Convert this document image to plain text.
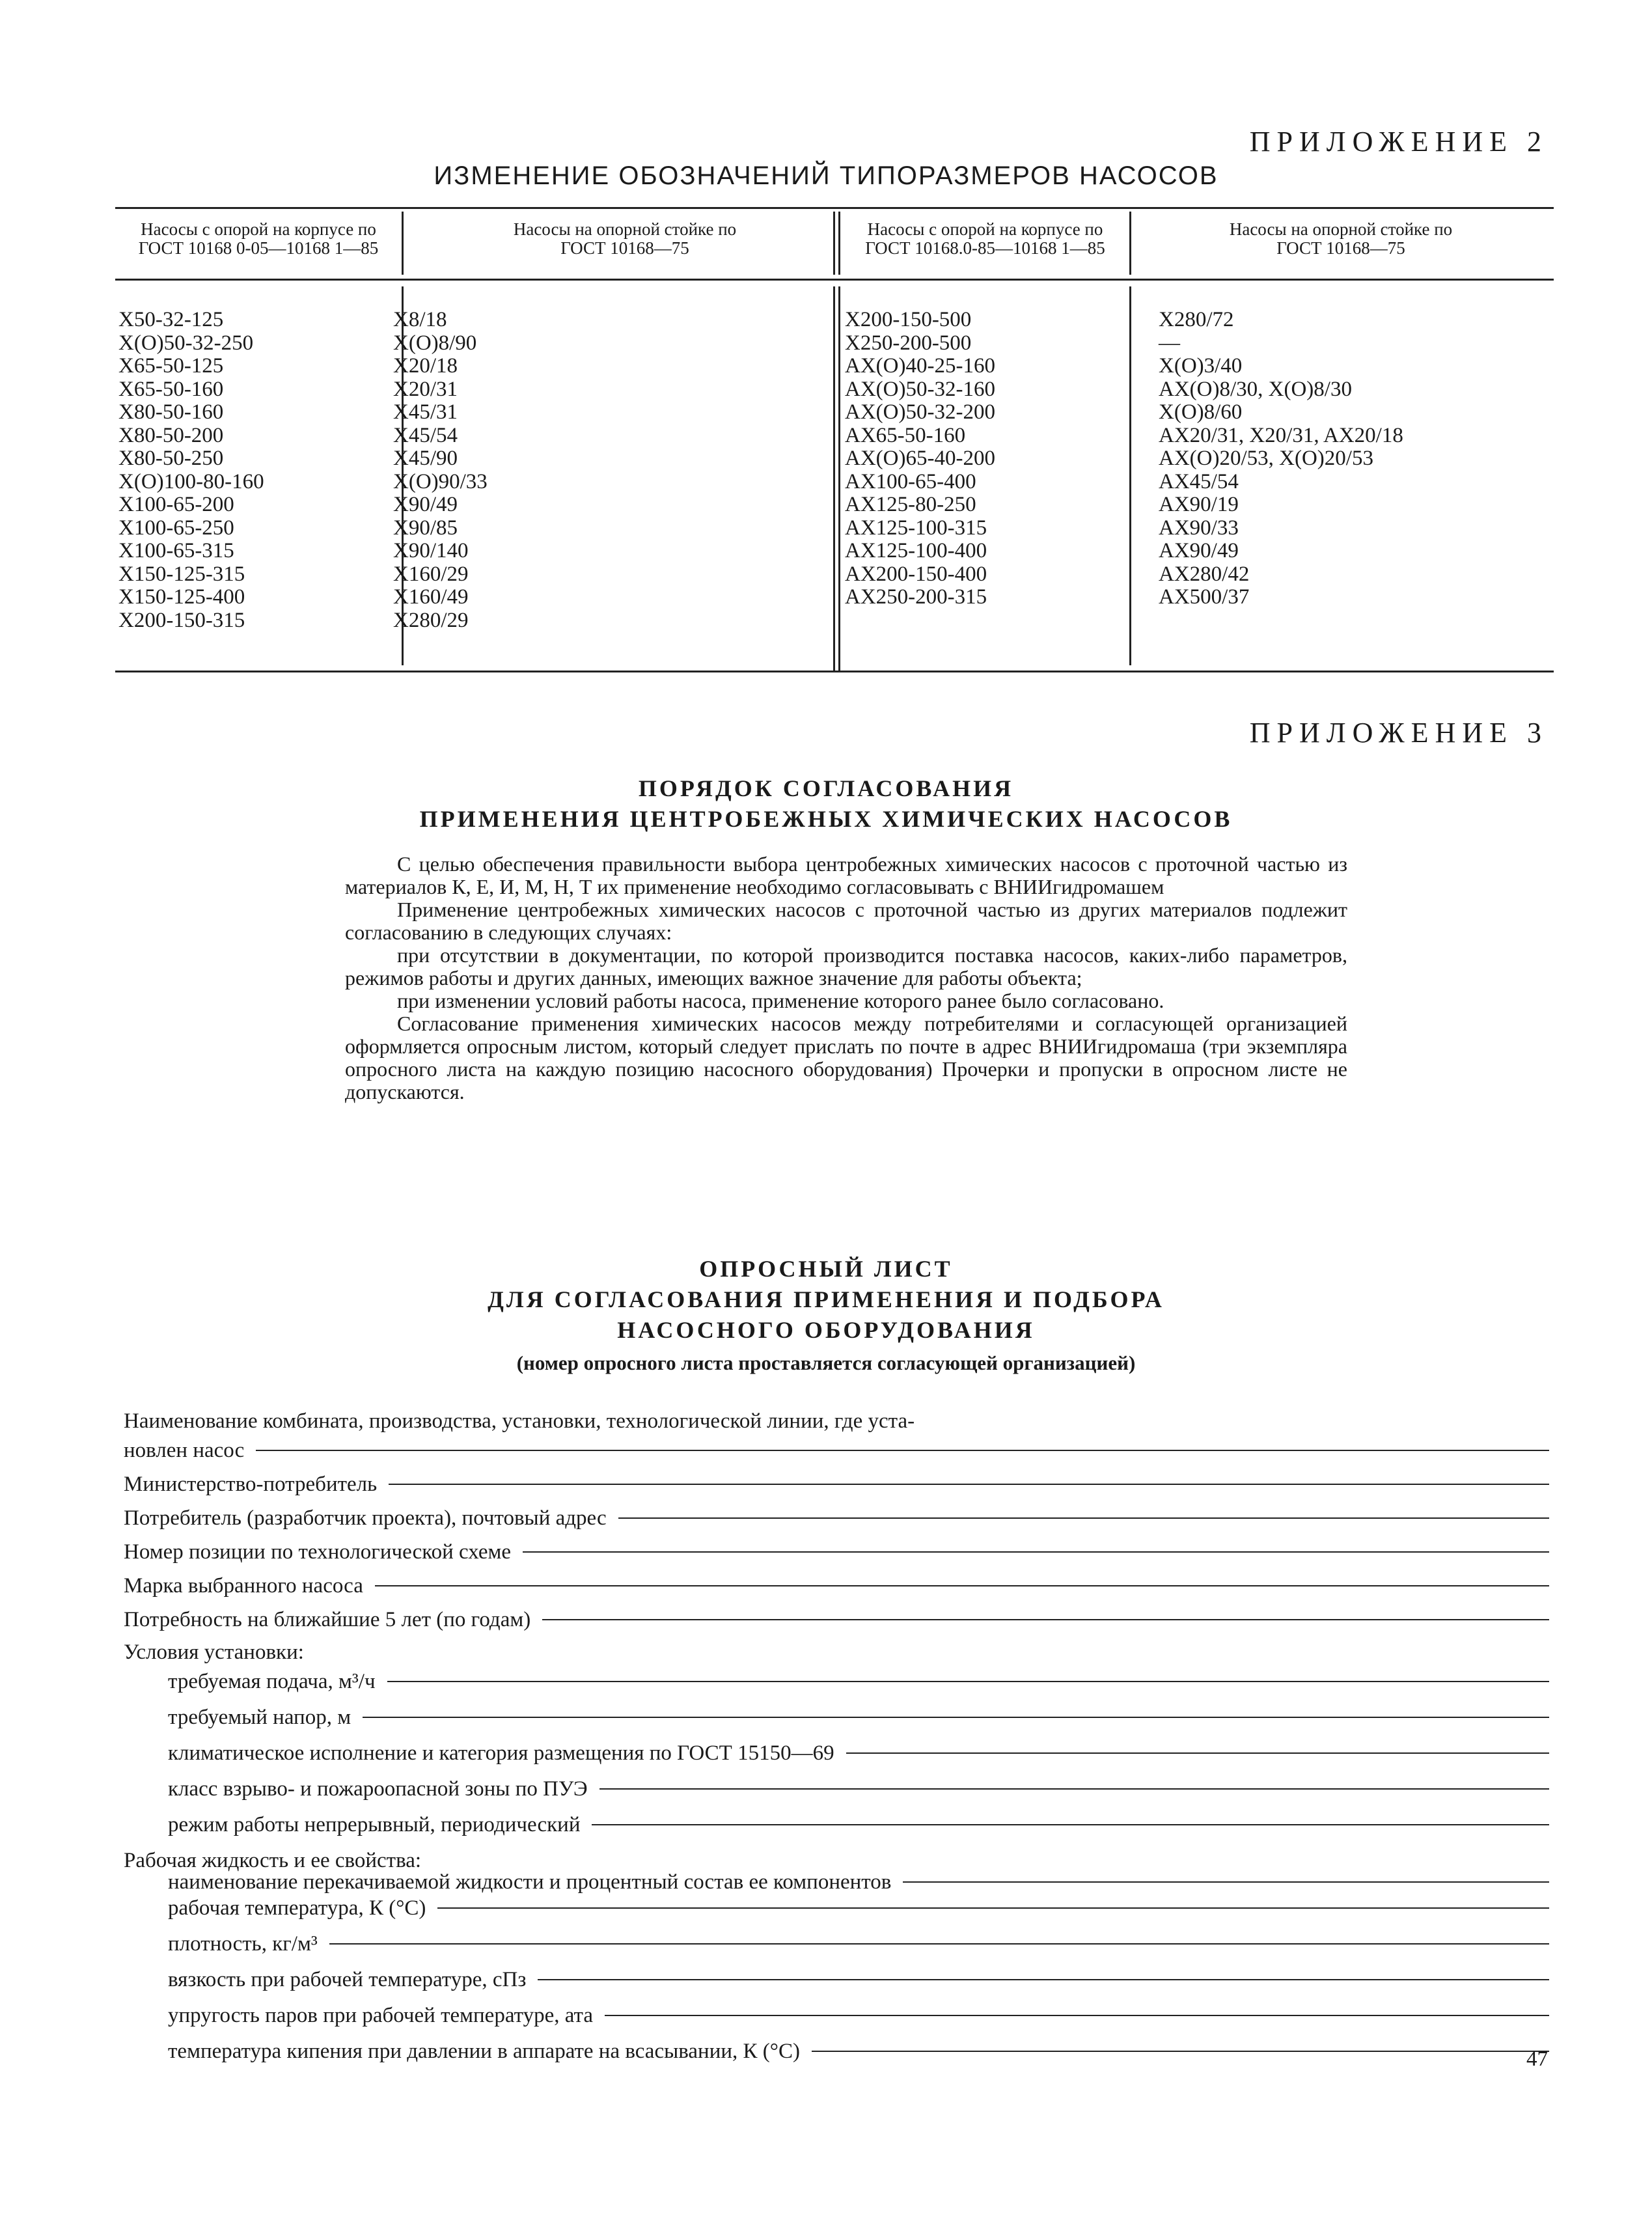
ПРИЛОЖЕНИЕ 2
ИЗМЕНЕНИЕ ОБОЗНАЧЕНИЙ ТИПОРАЗМЕРОВ НАСОСОВ
Насосы с опорой на корпусе по ГОСТ 10168 0-05—10168 1—85
Насосы на опорной стойке по ГОСТ 10168—75
Насосы с опорой на корпусе по ГОСТ 10168.0-85—10168 1—85
Насосы на опорной стойке по ГОСТ 10168—75
X50-32-125
X(O)50-32-250
X65-50-125
X65-50-160
X80-50-160
X80-50-200
X80-50-250
X(O)100-80-160
X100-65-200
X100-65-250
X100-65-315
X150-125-315
X150-125-400
X200-150-315
X8/18
X(O)8/90
X20/18
X20/31
X45/31
X45/54
X45/90
X(O)90/33
X90/49
X90/85
X90/140
X160/29
X160/49
X280/29
X200-150-500
X250-200-500
AX(O)40-25-160
AX(O)50-32-160
AX(O)50-32-200
AX65-50-160
AX(O)65-40-200
AX100-65-400
AX125-80-250
AX125-100-315
AX125-100-400
AX200-150-400
AX250-200-315
X280/72
—
X(O)3/40
AX(O)8/30, X(O)8/30
X(O)8/60
AX20/31, X20/31, AX20/18
AX(O)20/53, X(O)20/53
AX45/54
AX90/19
AX90/33
AX90/49
AX280/42
AX500/37
ПРИЛОЖЕНИЕ 3
ПОРЯДОК СОГЛАСОВАНИЯ
ПРИМЕНЕНИЯ ЦЕНТРОБЕЖНЫХ ХИМИЧЕСКИХ НАСОСОВ

С целью обеспечения правильности выбора центробежных химических насосов с проточной частью из материалов К, Е, И, М, Н, Т их применение необходимо согласовывать с ВНИИгидромашем

Применение центробежных химических насосов с проточной частью из других материалов подлежит согласованию в следующих случаях:

при отсутствии в документации, по которой производится поставка насосов, каких-либо параметров, режимов работы и других данных, имеющих важное значение для работы объекта;

при изменении условий работы насоса, применение которого ранее было согласовано.

Согласование применения химических насосов между потребителями и согласующей организацией оформляется опросным листом, который следует прислать по почте в адрес ВНИИгидромаша (три экземпляра опросного листа на каждую позицию насосного оборудования) Прочерки и пропуски в опросном листе не допускаются.

ОПРОСНЫЙ ЛИСТ
ДЛЯ СОГЛАСОВАНИЯ ПРИМЕНЕНИЯ И ПОДБОРА
НАСОСНОГО ОБОРУДОВАНИЯ
(номер опросного листа проставляется согласующей организацией)
Наименование комбината, производства, установки, технологической линии, где уста-
новлен насос
Министерство-потребитель
Потребитель (разработчик проекта), почтовый адрес
Номер позиции по технологической схеме
Марка выбранного насоса
Потребность на ближайшие 5 лет (по годам)
Условия установки:
требуемая подача, м³/ч
требуемый напор, м
климатическое исполнение и категория размещения по ГОСТ 15150—69
класс взрыво- и пожароопасной зоны по ПУЭ
режим работы непрерывный, периодический
Рабочая жидкость и ее свойства:
наименование перекачиваемой жидкости и процентный состав ее компонентов
рабочая температура, К (°С)
плотность, кг/м³
вязкость при рабочей температуре, сПз
упругость паров при рабочей температуре, ата
температура кипения при давлении в аппарате на всасывании, К (°С)	47
